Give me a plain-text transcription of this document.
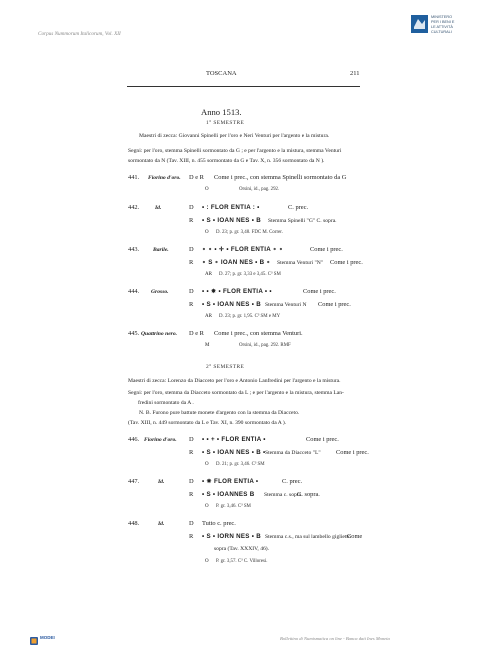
Corpus Nummorum Italicorum, Vol. XII
MINISTERO
PER I BENI E
LE ATTIVITÀ
CULTURALI
TOSCANA	211
Anno 1513.
1° SEMESTRE
Maestri di zecca: Giovanni Spinelli per l'oro e Neri Venturi per l'argento e la mistura.
Segni: per l'oro, stemma Spinelli sormontato da G ; e per l'argento e la mistura, stemma Venturi
sormontato da N (Tav. XIII, n. 455 sormontato da G e Tav. X, n. 356 sormontato da N ).
441. Fiorino d'oro. D e R Come i prec., con stemma Spinelli sormontato da G
O	Orsini, id., pag. 292.
442.	Id.	D • : FLOR ENTIA : •	C. prec.
R • S • IOAN NES • B Stemma Spinelli "G" C. sopra.
O D. 23; p. gr. 3,48. FDC M. Correr.
443. Barile.	D ∘ ∘ • ✛ • FLOR ENTIA ∘ ∘	Come i prec.
R ∘ S ∘ IOAN NES • B ∘ Stemma Venturi "N" Come i prec.
AR D. 27; p. gr. 3,33 e 3,45. C³ SM
444. Grosso.	D • • ✵ • FLOR ENTIA • •	Come i prec.
R • S • IOAN NES • B Stemma Venturi N Come i prec.
AR D. 23; p. gr. 1,95. C³ SM e MY
445. Quattrino nero. D e R Come i prec., con stemma Venturi.
M	Orsini, id., pag. 292. RMF
2° SEMESTRE
Maestri di zecca: Lorenzo da Diacceto per l'oro e Antonio Lanfredini per l'argento e la mistura.
Segni: per l'oro, stemma da Diacceto sormontato da L ; e per l'argento e la mistura, stemma Lan-
fredini sormontato da A .
N. B. Furono pure battute monete d'argento con la stemma da Diacceto.
(Tav. XIII, n. 449 sormontato da L e Tav. XI, n. 390 sormontato da A ).
446. Fiorino d'oro. D • • + • FLOR ENTIA •	Come i prec.
R • S • IOAN NES • B • Stemma da Diacceto "L" Come i prec.
O D. 21; p. gr. 3,46. C³ SM
447.	Id.	D • ✵ FLOR ENTIA •	C. prec.
R • S • IOANNES B Stemma c. sopra.
C. sopra.
O P. gr. 3,46. C³ SM
448.	Id.	D Tutto c. prec.
R • S • IORN NES • B Stemma c.s., ma sul lambello giglietto
Come
sopra (Tav. XXXIV, 46).
O P. gr. 3,57. C³ C. Villoresi.
MODEI	Bollettino di Numismatica on line - Banca dati Ines Moneta
